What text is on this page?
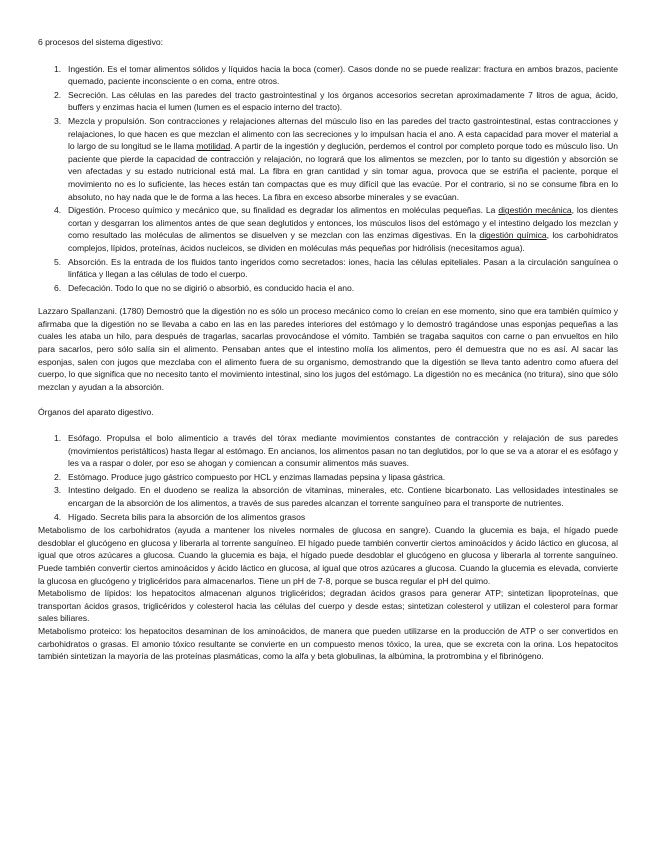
6 procesos del sistema digestivo:

1. Ingestión. Es el tomar alimentos sólidos y líquidos hacia la boca (comer). Casos donde no se puede realizar: fractura en ambos brazos, paciente quemado, paciente inconsciente o en coma, entre otros.
2. Secreción. Las células en las paredes del tracto gastrointestinal y los órganos accesorios secretan aproximadamente 7 litros de agua, ácido, buffers y enzimas hacia el lumen (lumen es el espacio interno del tracto).
3. Mezcla y propulsión. Son contracciones y relajaciones alternas del músculo liso en las paredes del tracto gastrointestinal, estas contracciones y relajaciones, lo que hacen es que mezclan el alimento con las secreciones y lo impulsan hacia el ano. A esta capacidad para mover el material a lo largo de su longitud se le llama motilidad. A partir de la ingestión y deglución, perdemos el control por completo porque todo es músculo liso. Un paciente que pierde la capacidad de contracción y relajación, no logrará que los alimentos se mezclen, por lo tanto su digestión y absorción se ven afectadas y su estado nutricional está mal. La fibra en gran cantidad y sin tomar agua, provoca que se estriña el paciente, porque el movimiento no es lo suficiente, las heces están tan compactas que es muy difícil que las evacúe. Por el contrario, si no se consume fibra en lo absoluto, no hay nada que le de forma a las heces. La fibra en exceso absorbe minerales y se evacúan.
4. Digestión. Proceso químico y mecánico que, su finalidad es degradar los alimentos en moléculas pequeñas. La digestión mecánica, los dientes cortan y desgarran los alimentos antes de que sean deglutidos y entonces, los músculos lisos del estómago y el intestino delgado los mezclan y como resultado las moléculas de alimentos se disuelven y se mezclan con las enzimas digestivas. En la digestión química, los carbohidratos complejos, lípidos, proteínas, ácidos nucleicos, se dividen en moléculas más pequeñas por hidrólisis (necesitamos agua).
5. Absorción. Es la entrada de los fluidos tanto ingeridos como secretados: iones, hacia las células epiteliales. Pasan a la circulación sanguínea o linfática y llegan a las células de todo el cuerpo.
6. Defecación. Todo lo que no se digirió o absorbió, es conducido hacia el ano.

Lazzaro Spallanzani. (1780) Demostró que la digestión no es sólo un proceso mecánico como lo creían en ese momento, sino que era también químico y afirmaba que la digestión no se llevaba a cabo en las en las paredes interiores del estómago y lo demostró tragándose unas esponjas pequeñas a las cuales les ataba un hilo, para después de tragarlas, sacarlas provocándose el vómito. También se tragaba saquitos con carne o pan envueltos en hilo para sacarlos, pero sólo salía sin el alimento. Pensaban antes que el intestino molía los alimentos, pero él demuestra que no es así. Al sacar las esponjas, salen con jugos que mezclaba con el alimento fuera de su organismo, demostrando que la digestión se lleva tanto adentro como afuera del cuerpo, lo que significa que no necesito tanto el movimiento intestinal, sino los jugos del estómago. La digestión no es mecánica (no tritura), sino que sólo mezclan y ayudan a la absorción.

Órganos del aparato digestivo.

1. Esófago. Propulsa el bolo alimenticio a través del tórax mediante movimientos constantes de contracción y relajación de sus paredes (movimientos peristálticos) hasta llegar al estómago. En ancianos, los alimentos pasan no tan deglutidos, por lo que se va a atorar el es esófago y les va a raspar o doler, por eso se ahogan y comiencan a consumir alimentos más suaves.
2. Estómago. Produce jugo gástrico compuesto por HCL y enzimas llamadas pepsina y lipasa gástrica.
3. Intestino delgado. En el duodeno se realiza la absorción de vitaminas, minerales, etc. Contiene bicarbonato. Las vellosidades intestinales se encargan de la absorción de los alimentos, a través de sus paredes alcanzan el torrente sanguíneo para el transporte de nutrientes.
4. Hígado. Secreta bilis para la absorción de los alimentos grasos

Metabolismo de los carbohidratos (ayuda a mantener los niveles normales de glucosa en sangre). Cuando la glucemia es baja, el hígado puede desdoblar el glucógeno en glucosa y liberarla al torrente sanguíneo. El hígado puede también convertir ciertos aminoácidos y ácido láctico en glucosa, al igual que otros azúcares a glucosa. Cuando la glucemia es baja, el hígado puede desdoblar el glucógeno en glucosa y liberarla al torrente sanguíneo. Puede también convertir ciertos aminoácidos y ácido láctico en glucosa, al igual que otros azúcares a glucosa. Cuando la glucemia es elevada, convierte la glucosa en glucógeno y triglicéridos para almacenarlos. Tiene un pH de 7-8, porque se busca regular el pH del quimo.

Metabolismo de lípidos: los hepatocitos almacenan algunos triglicéridos; degradan ácidos grasos para generar ATP; sintetizan lipoproteínas, que transportan ácidos grasos, triglicéridos y colesterol hacia las células del cuerpo y desde estas; sintetizan colesterol y utilizan el colesterol para formar sales biliares.

Metabolismo proteico: los hepatocitos desaminan de los aminoácidos, de manera que pueden utilizarse en la producción de ATP o ser convertidos en carbohidratos o grasas. El amonio tóxico resultante se convierte en un compuesto menos tóxico, la urea, que se excreta con la orina. Los hepatocitos también sintetizan la mayoría de las proteínas plasmáticas, como la alfa y beta globulinas, la albúmina, la protrombina y el fibrinógeno.
